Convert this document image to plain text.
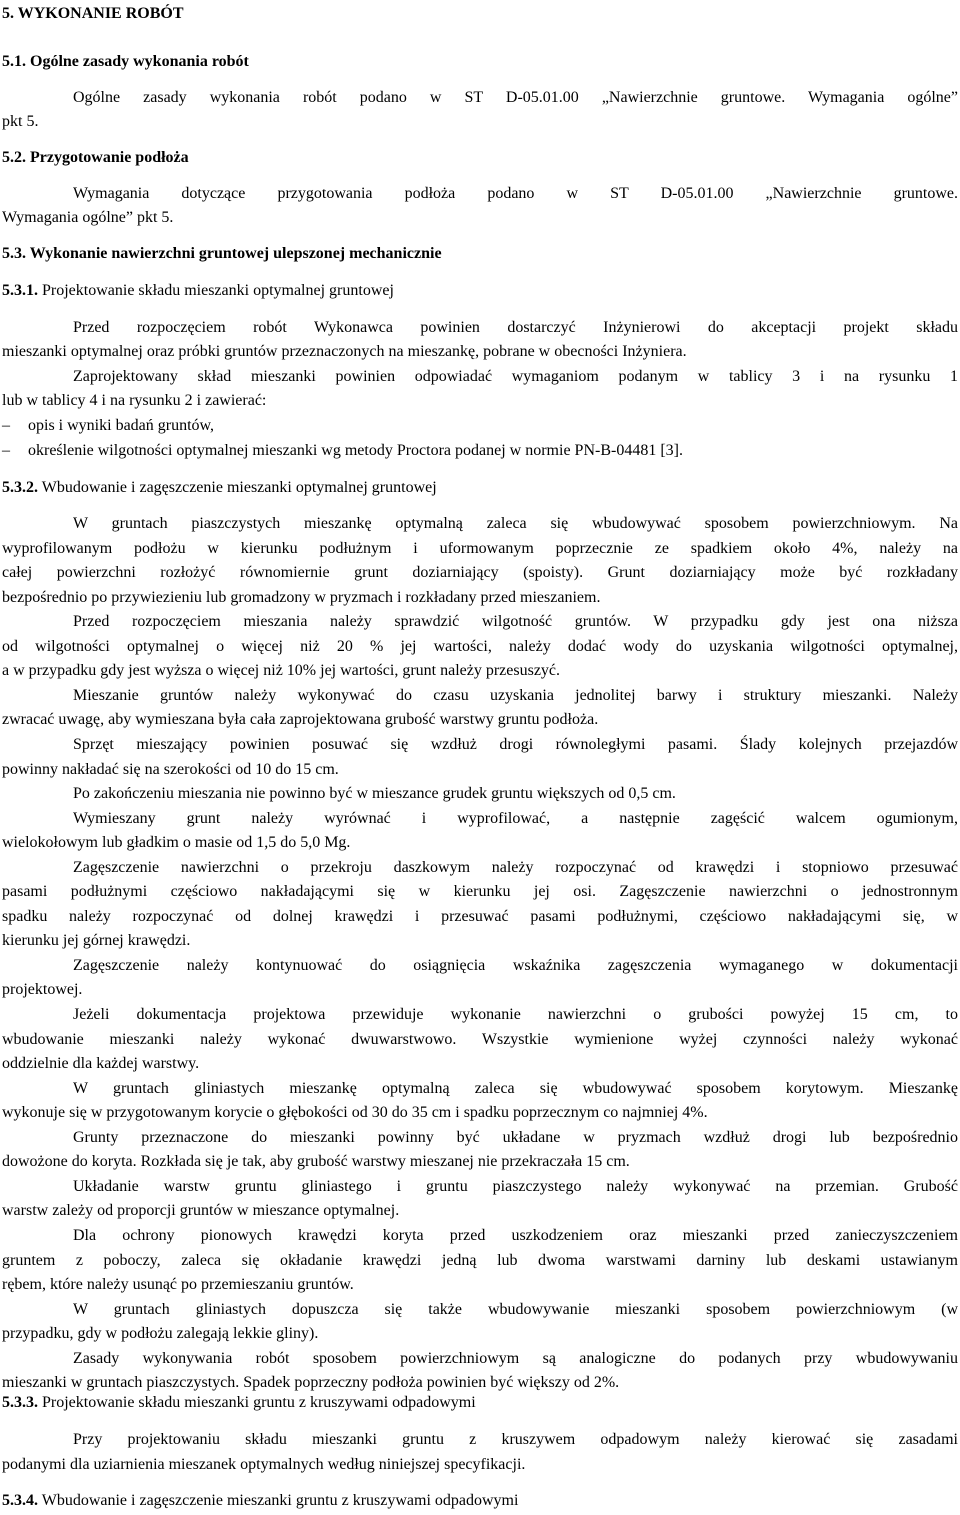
5. WYKONANIE ROBÓT
5.1. Ogólne zasady wykonania robót
Ogólne zasady wykonania robót podano w ST D-05.01.00 „Nawierzchnie gruntowe. Wymagania ogólne”
pkt 5.
5.2. Przygotowanie podłoża
Wymagania dotyczące przygotowania podłoża podano w ST D-05.01.00 „Nawierzchnie gruntowe.
Wymagania ogólne” pkt 5.
5.3. Wykonanie nawierzchni gruntowej ulepszonej mechanicznie
5.3.1. Projektowanie składu mieszanki optymalnej gruntowej
Przed rozpoczęciem robót Wykonawca powinien dostarczyć Inżynierowi do akceptacji projekt składu
mieszanki optymalnej oraz próbki gruntów przeznaczonych na mieszankę, pobrane w obecności Inżyniera.
Zaprojektowany skład mieszanki powinien odpowiadać wymaganiom podanym w tablicy 3 i na rysunku 1
lub w tablicy 4 i na rysunku 2 i zawierać:
– opis i wyniki badań gruntów,
– określenie wilgotności optymalnej mieszanki wg metody Proctora podanej w normie PN-B-04481 [3].
5.3.2. Wbudowanie i zagęszczenie mieszanki optymalnej gruntowej
W gruntach piaszczystych mieszankę optymalną zaleca się wbudowywać sposobem powierzchniowym. Na
wyprofilowanym podłożu w kierunku podłużnym i uformowanym poprzecznie ze spadkiem około 4%, należy na
całej powierzchni rozłożyć równomiernie grunt doziarniający (spoisty). Grunt doziarniający może być rozkładany
bezpośrednio po przywiezieniu lub gromadzony w pryzmach i rozkładany przed mieszaniem.
Przed rozpoczęciem mieszania należy sprawdzić wilgotność gruntów. W przypadku gdy jest ona niższa
od wilgotności optymalnej o więcej niż 20 % jej wartości, należy dodać wody do uzyskania wilgotności optymalnej,
a w przypadku gdy jest wyższa o więcej niż 10% jej wartości, grunt należy przesuszyć.
Mieszanie gruntów należy wykonywać do czasu uzyskania jednolitej barwy i struktury mieszanki. Należy
zwracać uwagę, aby wymieszana była cała zaprojektowana grubość warstwy gruntu podłoża.
Sprzęt mieszający powinien posuwać się wzdłuż drogi równoległymi pasami. Ślady kolejnych przejazdów
powinny nakładać się na szerokości od 10 do 15 cm.
Po zakończeniu mieszania nie powinno być w mieszance grudek gruntu większych od 0,5 cm.
Wymieszany grunt należy wyrównać i wyprofilować, a następnie zagęścić walcem ogumionym,
wielokołowym lub gładkim o masie od 1,5 do 5,0 Mg.
Zagęszczenie nawierzchni o przekroju daszkowym należy rozpoczynać od krawędzi i stopniowo przesuwać
pasami podłużnymi częściowo nakładającymi się w kierunku jej osi. Zagęszczenie nawierzchni o jednostronnym
spadku należy rozpoczynać od dolnej krawędzi i przesuwać pasami podłużnymi, częściowo nakładającymi się, w
kierunku jej górnej krawędzi.
Zagęszczenie należy kontynuować do osiągnięcia wskaźnika zagęszczenia wymaganego w dokumentacji
projektowej.
Jeżeli dokumentacja projektowa przewiduje wykonanie nawierzchni o grubości powyżej 15 cm, to
wbudowanie mieszanki należy wykonać dwuwarstwowo. Wszystkie wymienione wyżej czynności należy wykonać
oddzielnie dla każdej warstwy.
W gruntach gliniastych mieszankę optymalną zaleca się wbudowywać sposobem korytowym. Mieszankę
wykonuje się w przygotowanym korycie o głębokości od 30 do 35 cm i spadku poprzecznym co najmniej 4%.
Grunty przeznaczone do mieszanki powinny być układane w pryzmach wzdłuż drogi lub bezpośrednio
dowożone do koryta. Rozkłada się je tak, aby grubość warstwy mieszanej nie przekraczała 15 cm.
Układanie warstw gruntu gliniastego i gruntu piaszczystego należy wykonywać na przemian. Grubość
warstw zależy od proporcji gruntów w mieszance optymalnej.
Dla ochrony pionowych krawędzi koryta przed uszkodzeniem oraz mieszanki przed zanieczyszczeniem
gruntem z poboczy, zaleca się okładanie krawędzi jedną lub dwoma warstwami darniny lub deskami ustawianym
rębem, które należy usunąć po przemieszaniu gruntów.
W gruntach gliniastych dopuszcza się także wbudowywanie mieszanki sposobem powierzchniowym (w
przypadku, gdy w podłożu zalegają lekkie gliny).
Zasady wykonywania robót sposobem powierzchniowym są analogiczne do podanych przy wbudowywaniu
mieszanki w gruntach piaszczystych. Spadek poprzeczny podłoża powinien być większy od 2%.
5.3.3. Projektowanie składu mieszanki gruntu z kruszywami odpadowymi
Przy projektowaniu składu mieszanki gruntu z kruszywem odpadowym należy kierować się zasadami
podanymi dla uziarnienia mieszanek optymalnych według niniejszej specyfikacji.
5.3.4. Wbudowanie i zagęszczenie mieszanki gruntu z kruszywami odpadowymi
